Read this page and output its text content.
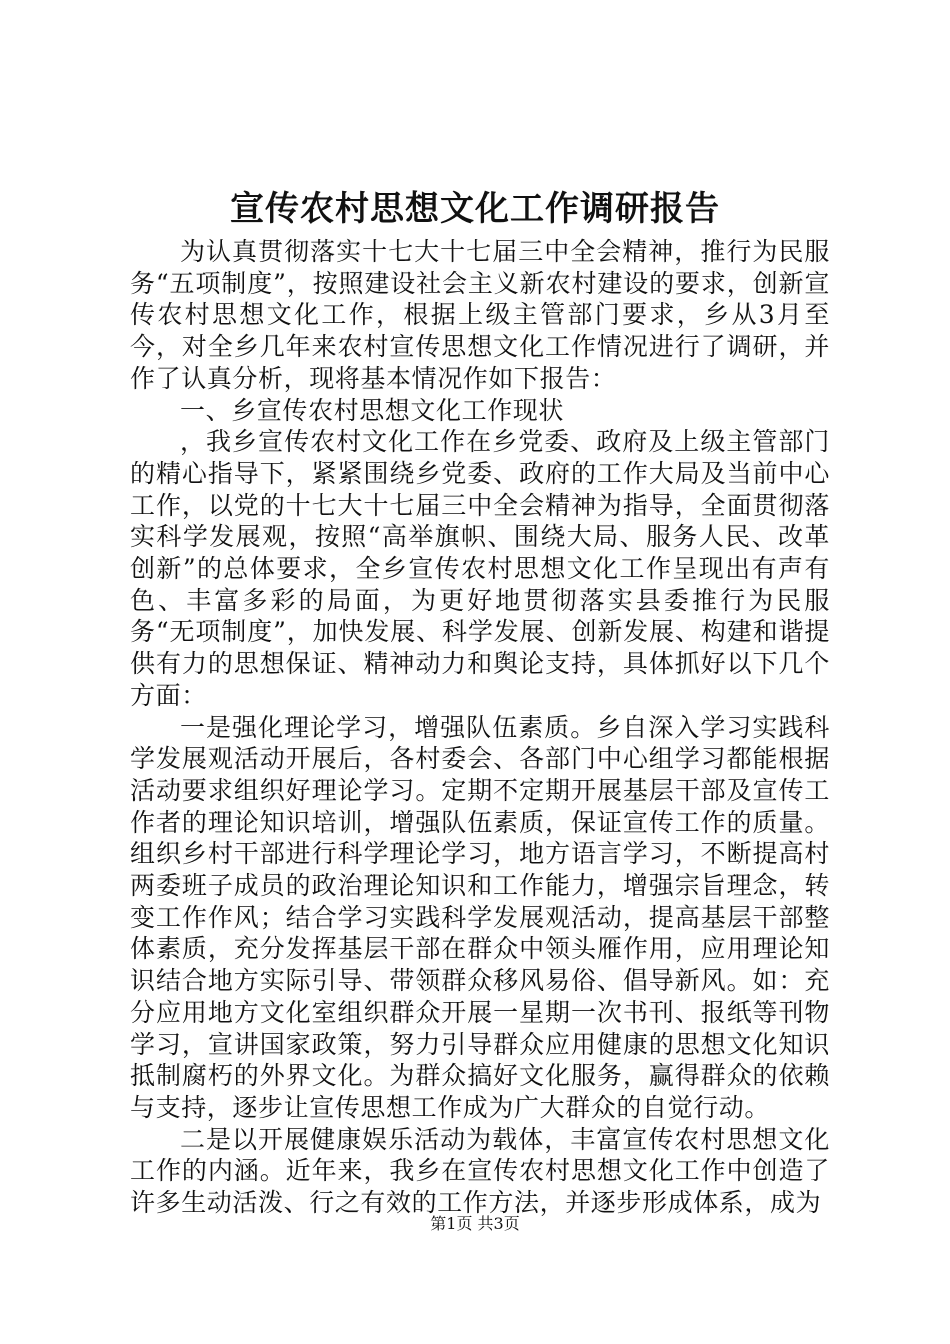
宣传农村思想文化工作调研报告

为认真贯彻落实十七大十七届三中全会精神，推行为民服务“五项制度”，按照建设社会主义新农村建设的要求，创新宣传农村思想文化工作，根据上级主管部门要求，乡从3月至今，对全乡几年来农村宣传思想文化工作情况进行了调研，并作了认真分析，现将基本情况作如下报告：

一、乡宣传农村思想文化工作现状

，我乡宣传农村文化工作在乡党委、政府及上级主管部门的精心指导下，紧紧围绕乡党委、政府的工作大局及当前中心工作，以党的十七大十七届三中全会精神为指导，全面贯彻落实科学发展观，按照“高举旗帜、围绕大局、服务人民、改革创新”的总体要求，全乡宣传农村思想文化工作呈现出有声有色、丰富多彩的局面，为更好地贯彻落实县委推行为民服务“无项制度”，加快发展、科学发展、创新发展、构建和谐提供有力的思想保证、精神动力和舆论支持，具体抓好以下几个方面：

一是强化理论学习，增强队伍素质。乡自深入学习实践科学发展观活动开展后，各村委会、各部门中心组学习都能根据活动要求组织好理论学习。定期不定期开展基层干部及宣传工作者的理论知识培训，增强队伍素质，保证宣传工作的质量。组织乡村干部进行科学理论学习，地方语言学习，不断提高村两委班子成员的政治理论知识和工作能力，增强宗旨理念，转变工作作风；结合学习实践科学发展观活动，提高基层干部整体素质，充分发挥基层干部在群众中领头雁作用，应用理论知识结合地方实际引导、带领群众移风易俗、倡导新风。如：充分应用地方文化室组织群众开展一星期一次书刊、报纸等刊物学习，宣讲国家政策，努力引导群众应用健康的思想文化知识抵制腐朽的外界文化。为群众搞好文化服务，赢得群众的依赖与支持，逐步让宣传思想工作成为广大群众的自觉行动。

二是以开展健康娱乐活动为载体，丰富宣传农村思想文化工作的内涵。近年来，我乡在宣传农村思想文化工作中创造了许多生动活泼、行之有效的工作方法，并逐步形成体系，成为

第1页 共3页
